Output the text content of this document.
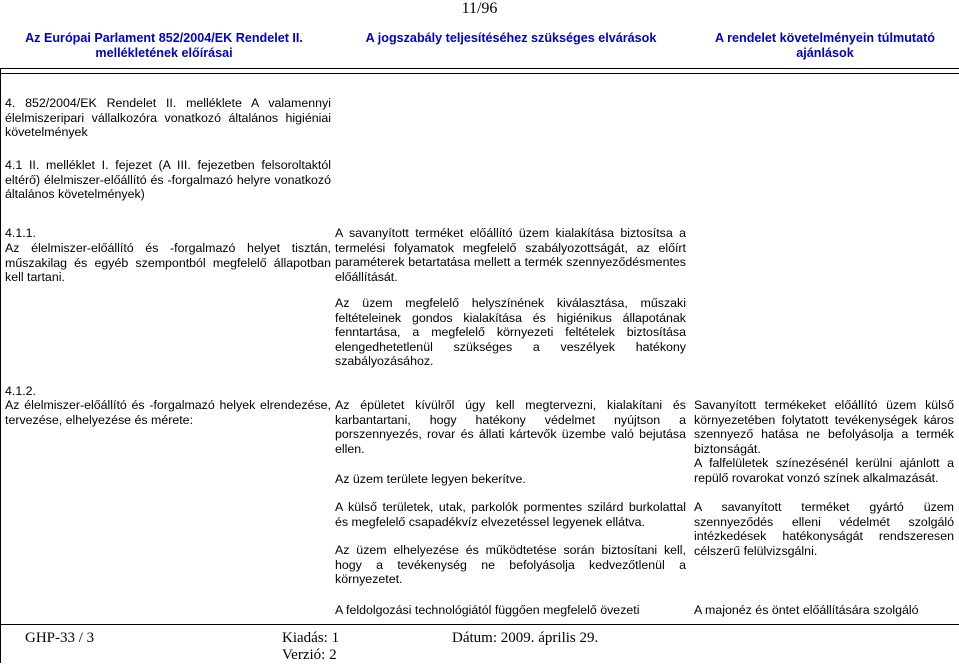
11/96
Az Európai Parlament 852/2004/EK Rendelet II. mellékletének előírásai
A jogszabály teljesítéséhez szükséges elvárások	A rendelet követelményein túlmutató ajánlások
4. 852/2004/EK Rendelet II. melléklete A valamennyi élelmiszeripari vállalkozóra vonatkozó általános higiéniai követelmények
4.1 II. melléklet I. fejezet (A III. fejezetben felsoroltaktól eltérő) élelmiszer-előállító és -forgalmazó helyre vonatkozó általános követelmények)
4.1.1.
Az élelmiszer-előállító és -forgalmazó helyet tisztán, műszakilag és egyéb szempontból megfelelő állapotban kell tartani.
A savanyított terméket előállító üzem kialakítása biztosítsa a termelési folyamatok megfelelő szabályozottságát, az előírt paraméterek betartatása mellett a termék szennyeződésmentes előállítását.
Az üzem megfelelő helyszínének kiválasztása, műszaki feltételeinek gondos kialakítása és higiénikus állapotának fenntartása, a megfelelő környezeti feltételek biztosítása elengedhetetlenül szükséges a veszélyek hatékony szabályozásához.
4.1.2.
Az élelmiszer-előállító és -forgalmazó helyek elrendezése, tervezése, elhelyezése és mérete:
Az épületet kívülről úgy kell megtervezni, kialakítani és karbantartani, hogy hatékony védelmet nyújtson a porszennyezés, rovar és állati kártevők üzembe való bejutása ellen.
Az üzem területe legyen bekerítve.
A külső területek, utak, parkolók pormentes szilárd burkolattal és megfelelő csapadékvíz elvezetéssel legyenek ellátva.
Az üzem elhelyezése és működtetése során biztosítani kell, hogy a tevékenység ne befolyásolja kedvezőtlenül a környezetet.
A feldolgozási technológiától függően megfelelő övezeti
Savanyított termékeket előállító üzem külső környezetében folytatott tevékenységek káros szennyező hatása ne befolyásolja a termék biztonságát.
A falfelületek színezésénél kerülni ajánlott a repülő rovarokat vonzó színek alkalmazását.
A savanyított terméket gyártó üzem szennyeződés elleni védelmét szolgáló intézkedések hatékonyságát rendszeresen célszerű felülvizsgálni.
A majonéz és öntet előállítására szolgáló
GHP-33 / 3	Kiadás: 1
Verzió: 2
Dátum: 2009. április 29.
